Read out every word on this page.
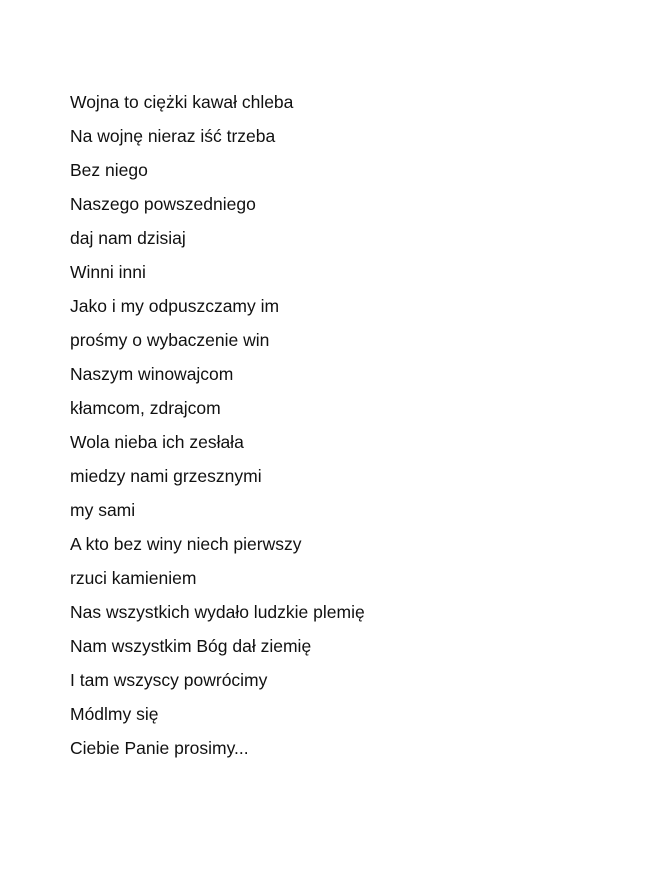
Wojna to ciężki kawał chleba
Na wojnę nieraz iść trzeba
Bez niego
Naszego powszedniego
daj nam dzisiaj
Winni inni
Jako i my odpuszczamy im
prośmy o wybaczenie win
Naszym winowajcom
kłamcom, zdrajcom
Wola nieba ich zesłała
miedzy nami grzesznymi
my sami
A kto bez winy niech pierwszy
rzuci kamieniem
Nas wszystkich wydało ludzkie plemię
Nam wszystkim Bóg dał ziemię
I tam wszyscy powrócimy
Módlmy się
Ciebie Panie prosimy...
